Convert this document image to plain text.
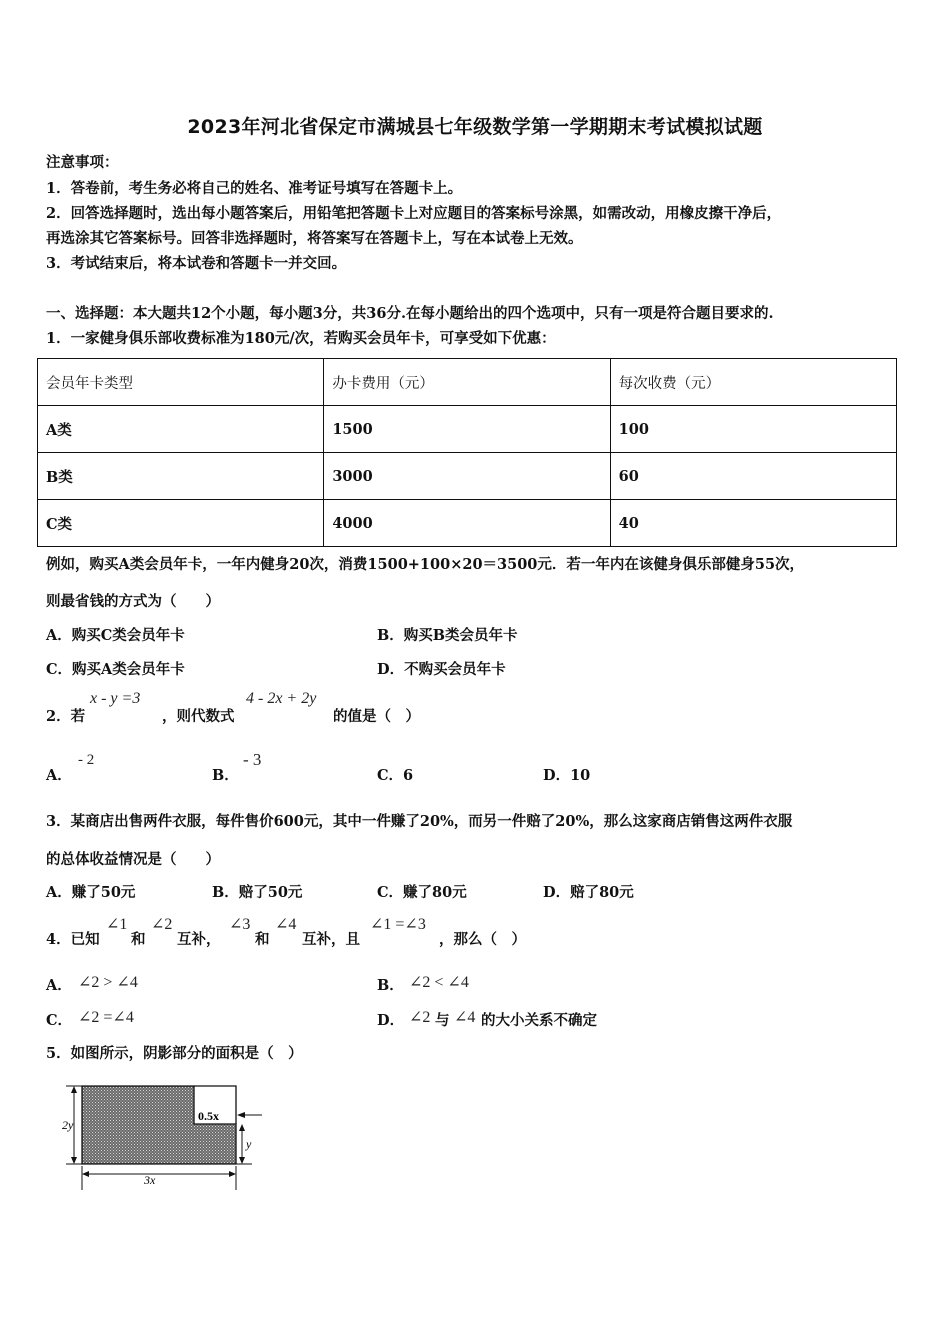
2023年河北省保定市满城县七年级数学第一学期期末考试模拟试题
注意事项：
1．答卷前，考生务必将自己的姓名、准考证号填写在答题卡上。
2．回答选择题时，选出每小题答案后，用铅笔把答题卡上对应题目的答案标号涂黑，如需改动，用橡皮擦干净后，
再选涂其它答案标号。回答非选择题时，将答案写在答题卡上，写在本试卷上无效。
3．考试结束后，将本试卷和答题卡一并交回。
一、选择题：本大题共12个小题，每小题3分，共36分.在每小题给出的四个选项中，只有一项是符合题目要求的.
1．一家健身俱乐部收费标准为180元/次，若购买会员年卡，可享受如下优惠：
会员年卡类型	办卡费用（元）	每次收费（元）
A类	1500	100
B类	3000	60
C类	4000	40
例如，购买A类会员年卡，一年内健身20次，消费1500+100×20＝3500元．若一年内在该健身俱乐部健身55次，
则最省钱的方式为（　　）
A．购买C类会员年卡	B．购买B类会员年卡
C．购买A类会员年卡	D．不购买会员年卡
2．若
x - y =3
，则代数式
4 - 2x + 2y
的值是（　）
A．
- 2
B．
- 3
C．6	D．10
3．某商店出售两件衣服，每件售价600元，其中一件赚了20%，而另一件赔了20%，那么这家商店销售这两件衣服
的总体收益情况是（　　）
A．赚了50元	B．赔了50元	C．赚了80元	D．赔了80元
4．已知
∠1
和
∠2
互补，
∠3
和
∠4
互补，且
∠1 =∠3
，那么（　）
A． ∠2 > ∠4	B． ∠2 < ∠4
C． ∠2 =∠4	D． ∠2 与 ∠4 的大小关系不确定
5．如图所示，阴影部分的面积是（　）
2y
0.5x
y
3x
